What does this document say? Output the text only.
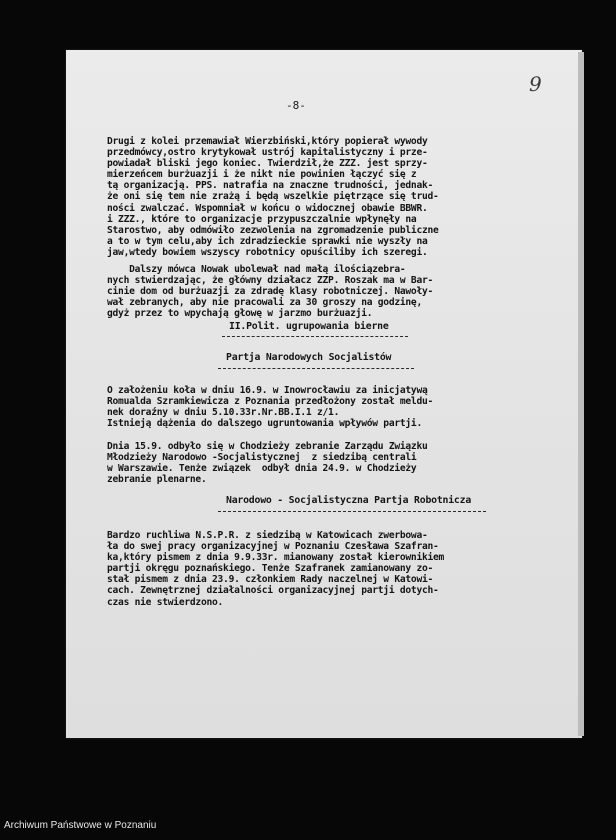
-8-
9
Drugi z kolei przemawiał Wierzbiński,który popierał wywody
przedmówcy,ostro krytykował ustrój kapitalistyczny i prze-
powiadał bliski jego koniec. Twierdził,że ZZZ. jest sprzy-
mierzeńcem burżuazji i że nikt nie powinien łączyć się z
tą organizacją. PPS. natrafia na znaczne trudności, jednak-
że oni się tem nie zrażą i będą wszelkie piętrzące się trud-
ności zwalczać. Wspomniał w końcu o widocznej obawie BBWR.
i ZZZ., które to organizacje przypuszczalnie wpłynęły na
Starostwo, aby odmówiło zezwolenia na zgromadzenie publiczne
a to w tym celu,aby ich zdradzieckie sprawki nie wyszły na
jaw,wtedy bowiem wszyscy robotnicy opuściliby ich szeregi.
Dalszy mówca Nowak ubolewał nad małą ilościązebra-
nych stwierdzając, że główny działacz ZZP. Roszak ma w Bar-
cinie dom od burżuazji za zdradę klasy robotniczej. Nawoły-
wał zebranych, aby nie pracowali za 30 groszy na godzinę,
gdyż przez to wpychają głowę w jarzmo burżuazji.
II.Polit. ugrupowania bierne
Partja Narodowych Socjalistów
O założeniu koła w dniu 16.9. w Inowrocławiu za inicjatywą
Romualda Szramkiewicza z Poznania przedłożony został meldu-
nek doraźny w dniu 5.10.33r.Nr.BB.I.1 z/1.
Istnieją dążenia do dalszego ugruntowania wpływów partji.
Dnia 15.9. odbyło się w Chodzieży zebranie Zarządu Związku
Młodzieży Narodowo -Socjalistycznej  z siedzibą centrali
w Warszawie. Tenże związek  odbył dnia 24.9. w Chodzieży
zebranie plenarne.
Narodowo - Socjalistyczna Partja Robotnicza
Bardzo ruchliwa N.S.P.R. z siedzibą w Katowicach zwerbowa-
ła do swej pracy organizacyjnej w Poznaniu Czesława Szafran-
ka,który pismem z dnia 9.9.33r. mianowany został kierownikiem
partji okręgu poznańskiego. Tenże Szafranek zamianowany zo-
stał pismem z dnia 23.9. członkiem Rady naczelnej w Katowi-
cach. Zewnętrznej działalności organizacyjnej partji dotych-
czas nie stwierdzono.
Archiwum Państwowe w Poznaniu
